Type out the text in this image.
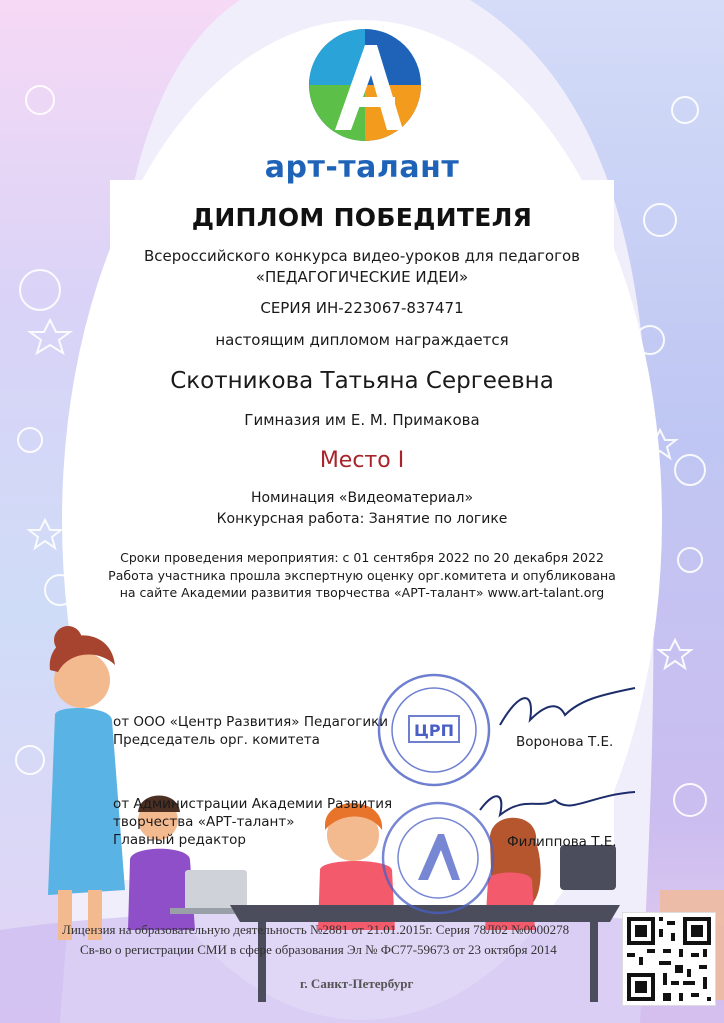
арт-талант
ДИПЛОМ ПОБЕДИТЕЛЯ
Всероссийского конкурса видео-уроков для педагогов
«ПЕДАГОГИЧЕСКИЕ ИДЕИ»
СЕРИЯ ИН-223067-837471
настоящим дипломом награждается
Скотникова Татьяна Сергеевна
Гимназия им Е. М. Примакова
Место I
Номинация «Видеоматериал»
Конкурсная работа: Занятие по логике
Сроки проведения мероприятия: с 01 сентября 2022 по 20 декабря 2022
Работа участника прошла экспертную оценку орг.комитета и опубликована
на сайте Академии развития творчества «АРТ-талант» www.art-talant.org
ЦРП
от ООО «Центр Развития» Педагогики
Председатель орг. комитета	Воронова Т.Е.
от Администрации Академии Развития
творчества «АРТ-талант»
Главный редактор	Филиппова Т.Е.
Лицензия на образовательную деятельность №2881 от 21.01.2015г. Серия 78Л02 №0000278
Св-во о регистрации СМИ в сфере образования Эл № ФС77-59673 от 23 октября 2014
г. Санкт-Петербург
